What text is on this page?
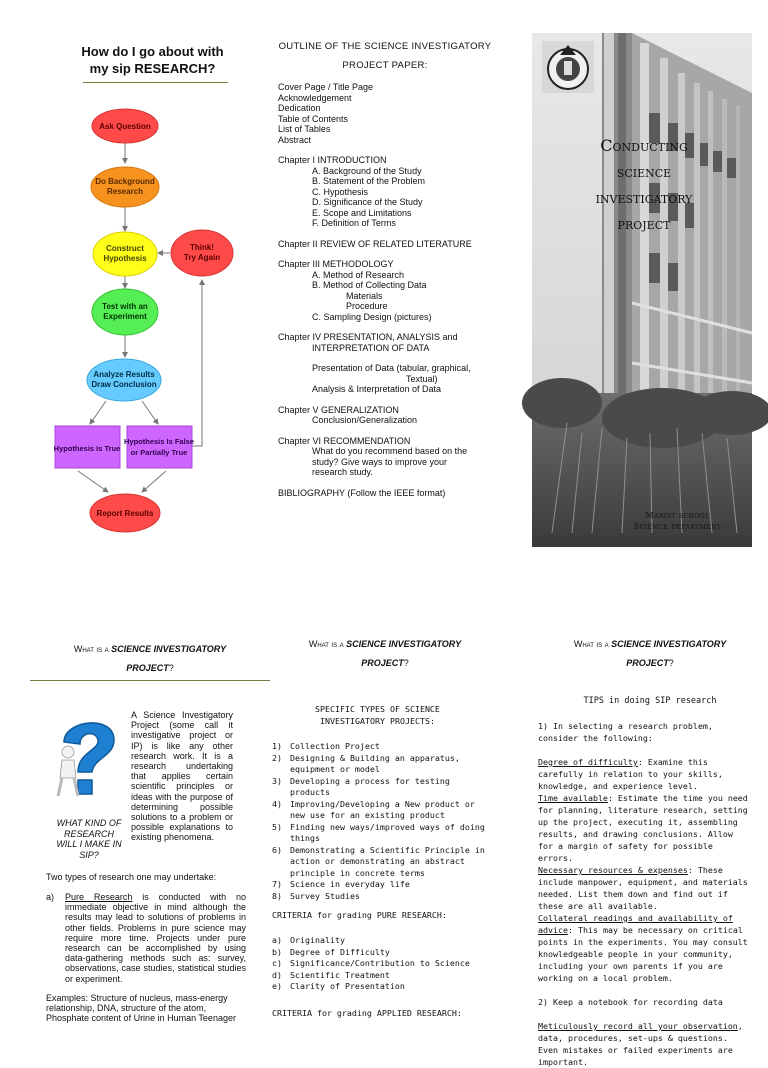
How do I go about with
my sip RESEARCH?
Ask Question
Do Background
Research
Construct
Hypothesis
Think!
Try Again
Test with an
Experiment
Analyze Results
Draw Conclusion
Hypothesis Is True
Hypothesis Is False
or Partially True
Report Results
OUTLINE OF THE SCIENCE INVESTIGATORY
PROJECT PAPER:
Cover Page / Title Page
Acknowledgement
Dedication
Table of Contents
List of Tables
Abstract
Chapter I INTRODUCTION
A. Background of the Study
B. Statement of the Problem
C. Hypothesis
D. Significance of the Study
E. Scope and Limitations
F. Definition of Terms
Chapter II REVIEW OF RELATED LITERATURE
Chapter III METHODOLOGY
A. Method of Research
B. Method of Collecting Data
Materials
Procedure
C. Sampling Design (pictures)
Chapter IV PRESENTATION, ANALYSIS and
INTERPRETATION OF DATA
Presentation of Data (tabular, graphical,
Textual)
Analysis & Interpretation of Data
Chapter V GENERALIZATION
Conclusion/Generalization
Chapter VI RECOMMENDATION
What do you recommend based on the
study? Give ways to improve your
research study.
BIBLIOGRAPHY (Follow the IEEE format)
Conducting
science
investigatory
project
Marist school
Science department
What is a SCIENCE INVESTIGATORY
PROJECT?
What is a SCIENCE INVESTIGATORY
PROJECT?
What is a SCIENCE INVESTIGATORY
PROJECT?
A Science Investigatory Project (some call it investigative project or IP) is like any other research work. It is a research undertaking that applies certain scientific principles or ideas with the purpose of determining possible solutions to a problem or possible explanations to existing phenomena.
WHAT KIND OF
RESEARCH
WILL I MAKE IN
SIP?
Two types of research one may undertake:
a) Pure Research is conducted with no immediate objective in mind although the results may lead to solutions of problems in other fields. Problems in pure science may require more time. Projects under pure research can be accomplished by using data-gathering methods such as: survey, observations, case studies, statistical studies or experiment.
Examples: Structure of nucleus, mass-energy relationship, DNA, structure of the atom, Phosphate content of Urine in Human Teenager
SPECIFIC TYPES OF SCIENCE
INVESTIGATORY PROJECTS:
1) Collection Project
2) Designing & Building an apparatus, equipment or model
3) Developing a process for testing products
4) Improving/Developing a New product or new use for an existing product
5) Finding new ways/improved ways of doing things
6) Demonstrating a Scientific Principle in action or demonstrating an abstract principle in concrete terms
7) Science in everyday life
8) Survey Studies
CRITERIA for grading PURE RESEARCH:
a) Originality
b) Degree of Difficulty
c) Significance/Contribution to Science
d) Scientific Treatment
e) Clarity of Presentation
CRITERIA for grading APPLIED RESEARCH:
TIPS in doing SIP research
1) In selecting a research problem, consider the following:
Degree of difficulty: Examine this carefully in relation to your skills, knowledge, and experience level.
Time available: Estimate the time you need for planning, literature research, setting up the project, executing it, assembling results, and drawing conclusions. Allow for a margin of safety for possible errors.
Necessary resources & expenses: These include manpower, equipment, and materials needed. List them down and find out if these are all available.
Collateral readings and availability of advice: This may be necessary on critical points in the experiments. You may consult knowledgeable people in your community, including your own parents if you are working on a local problem.
2) Keep a notebook for recording data
Meticulously record all your observation, data, procedures, set-ups & questions. Even mistakes or failed experiments are important.
